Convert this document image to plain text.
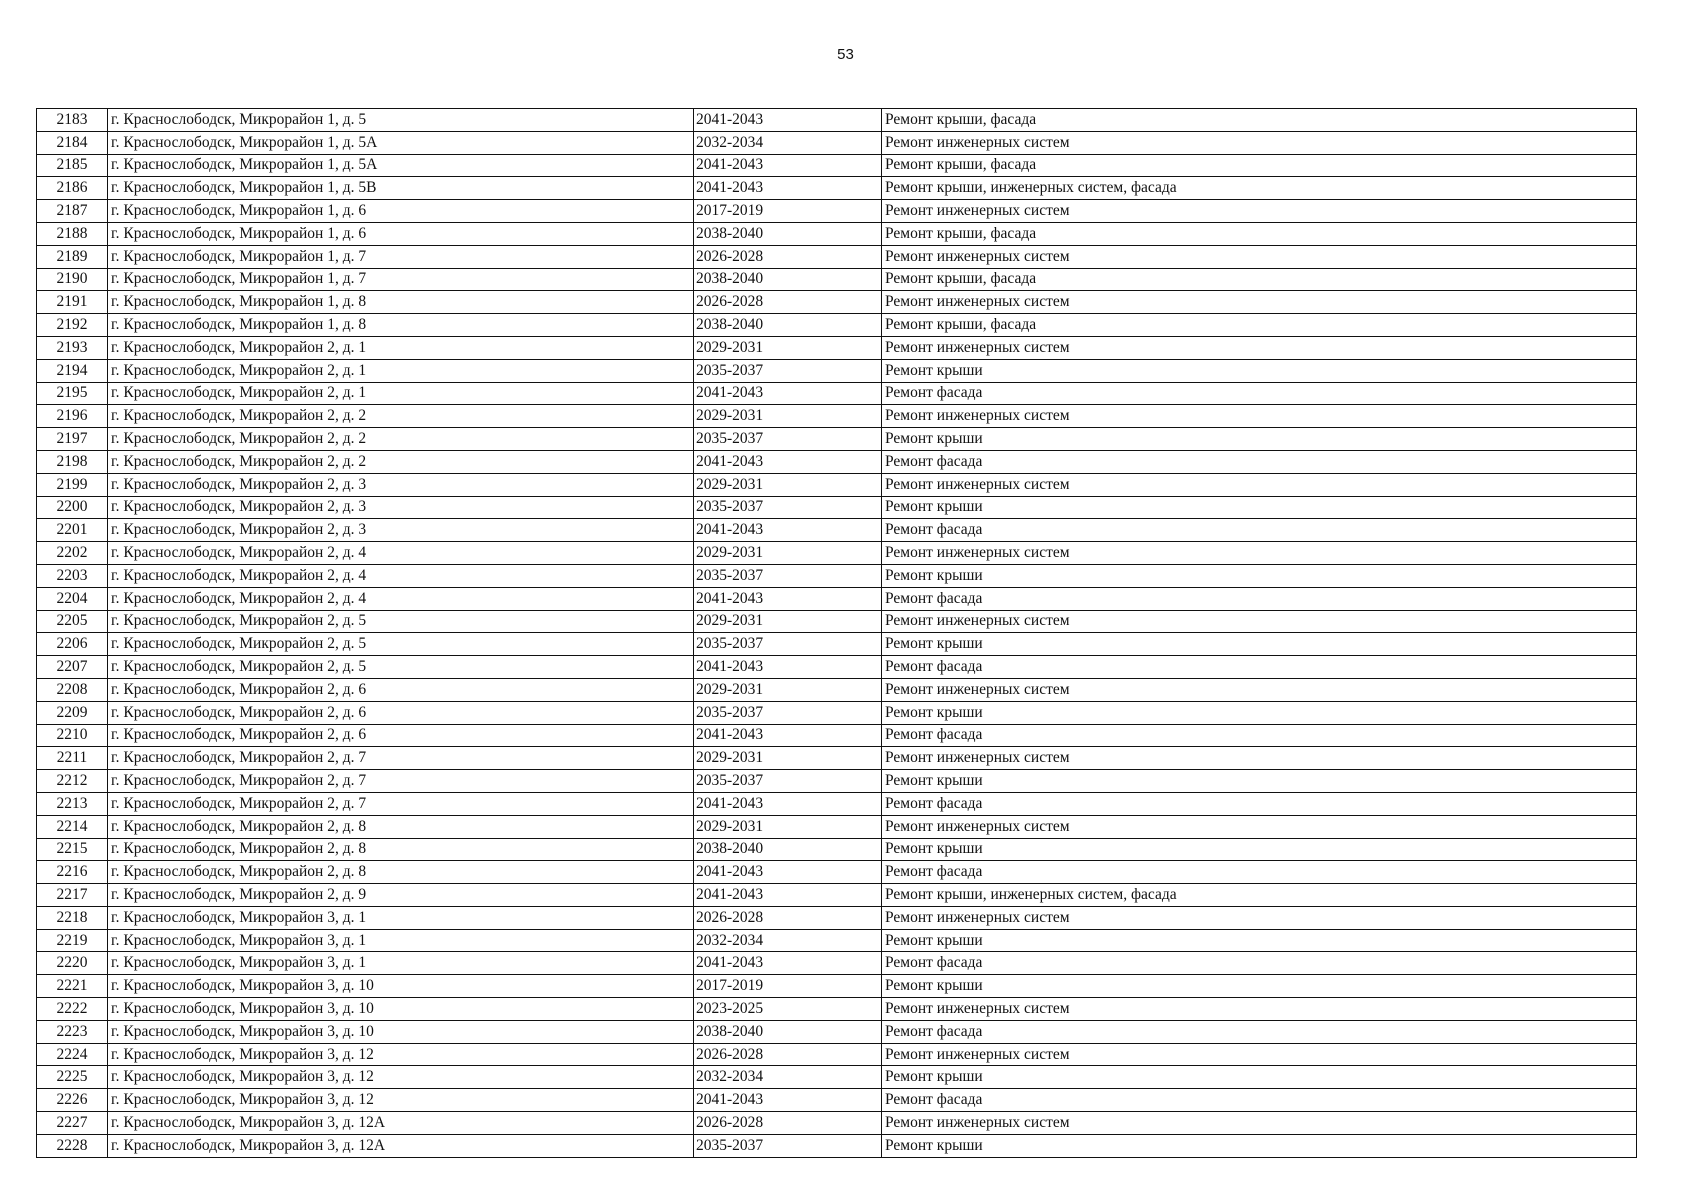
53
2183	г. Краснослободск, Микрорайон 1, д. 5	2041-2043	Ремонт крыши, фасада
2184	г. Краснослободск, Микрорайон 1, д. 5А	2032-2034	Ремонт инженерных систем
2185	г. Краснослободск, Микрорайон 1, д. 5А	2041-2043	Ремонт крыши, фасада
2186	г. Краснослободск, Микрорайон 1, д. 5В	2041-2043	Ремонт крыши, инженерных систем, фасада
2187	г. Краснослободск, Микрорайон 1, д. 6	2017-2019	Ремонт инженерных систем
2188	г. Краснослободск, Микрорайон 1, д. 6	2038-2040	Ремонт крыши, фасада
2189	г. Краснослободск, Микрорайон 1, д. 7	2026-2028	Ремонт инженерных систем
2190	г. Краснослободск, Микрорайон 1, д. 7	2038-2040	Ремонт крыши, фасада
2191	г. Краснослободск, Микрорайон 1, д. 8	2026-2028	Ремонт инженерных систем
2192	г. Краснослободск, Микрорайон 1, д. 8	2038-2040	Ремонт крыши, фасада
2193	г. Краснослободск, Микрорайон 2, д. 1	2029-2031	Ремонт инженерных систем
2194	г. Краснослободск, Микрорайон 2, д. 1	2035-2037	Ремонт крыши
2195	г. Краснослободск, Микрорайон 2, д. 1	2041-2043	Ремонт фасада
2196	г. Краснослободск, Микрорайон 2, д. 2	2029-2031	Ремонт инженерных систем
2197	г. Краснослободск, Микрорайон 2, д. 2	2035-2037	Ремонт крыши
2198	г. Краснослободск, Микрорайон 2, д. 2	2041-2043	Ремонт фасада
2199	г. Краснослободск, Микрорайон 2, д. 3	2029-2031	Ремонт инженерных систем
2200	г. Краснослободск, Микрорайон 2, д. 3	2035-2037	Ремонт крыши
2201	г. Краснослободск, Микрорайон 2, д. 3	2041-2043	Ремонт фасада
2202	г. Краснослободск, Микрорайон 2, д. 4	2029-2031	Ремонт инженерных систем
2203	г. Краснослободск, Микрорайон 2, д. 4	2035-2037	Ремонт крыши
2204	г. Краснослободск, Микрорайон 2, д. 4	2041-2043	Ремонт фасада
2205	г. Краснослободск, Микрорайон 2, д. 5	2029-2031	Ремонт инженерных систем
2206	г. Краснослободск, Микрорайон 2, д. 5	2035-2037	Ремонт крыши
2207	г. Краснослободск, Микрорайон 2, д. 5	2041-2043	Ремонт фасада
2208	г. Краснослободск, Микрорайон 2, д. 6	2029-2031	Ремонт инженерных систем
2209	г. Краснослободск, Микрорайон 2, д. 6	2035-2037	Ремонт крыши
2210	г. Краснослободск, Микрорайон 2, д. 6	2041-2043	Ремонт фасада
2211	г. Краснослободск, Микрорайон 2, д. 7	2029-2031	Ремонт инженерных систем
2212	г. Краснослободск, Микрорайон 2, д. 7	2035-2037	Ремонт крыши
2213	г. Краснослободск, Микрорайон 2, д. 7	2041-2043	Ремонт фасада
2214	г. Краснослободск, Микрорайон 2, д. 8	2029-2031	Ремонт инженерных систем
2215	г. Краснослободск, Микрорайон 2, д. 8	2038-2040	Ремонт крыши
2216	г. Краснослободск, Микрорайон 2, д. 8	2041-2043	Ремонт фасада
2217	г. Краснослободск, Микрорайон 2, д. 9	2041-2043	Ремонт крыши, инженерных систем, фасада
2218	г. Краснослободск, Микрорайон 3, д. 1	2026-2028	Ремонт инженерных систем
2219	г. Краснослободск, Микрорайон 3, д. 1	2032-2034	Ремонт крыши
2220	г. Краснослободск, Микрорайон 3, д. 1	2041-2043	Ремонт фасада
2221	г. Краснослободск, Микрорайон 3, д. 10	2017-2019	Ремонт крыши
2222	г. Краснослободск, Микрорайон 3, д. 10	2023-2025	Ремонт инженерных систем
2223	г. Краснослободск, Микрорайон 3, д. 10	2038-2040	Ремонт фасада
2224	г. Краснослободск, Микрорайон 3, д. 12	2026-2028	Ремонт инженерных систем
2225	г. Краснослободск, Микрорайон 3, д. 12	2032-2034	Ремонт крыши
2226	г. Краснослободск, Микрорайон 3, д. 12	2041-2043	Ремонт фасада
2227	г. Краснослободск, Микрорайон 3, д. 12А	2026-2028	Ремонт инженерных систем
2228	г. Краснослободск, Микрорайон 3, д. 12А	2035-2037	Ремонт крыши
